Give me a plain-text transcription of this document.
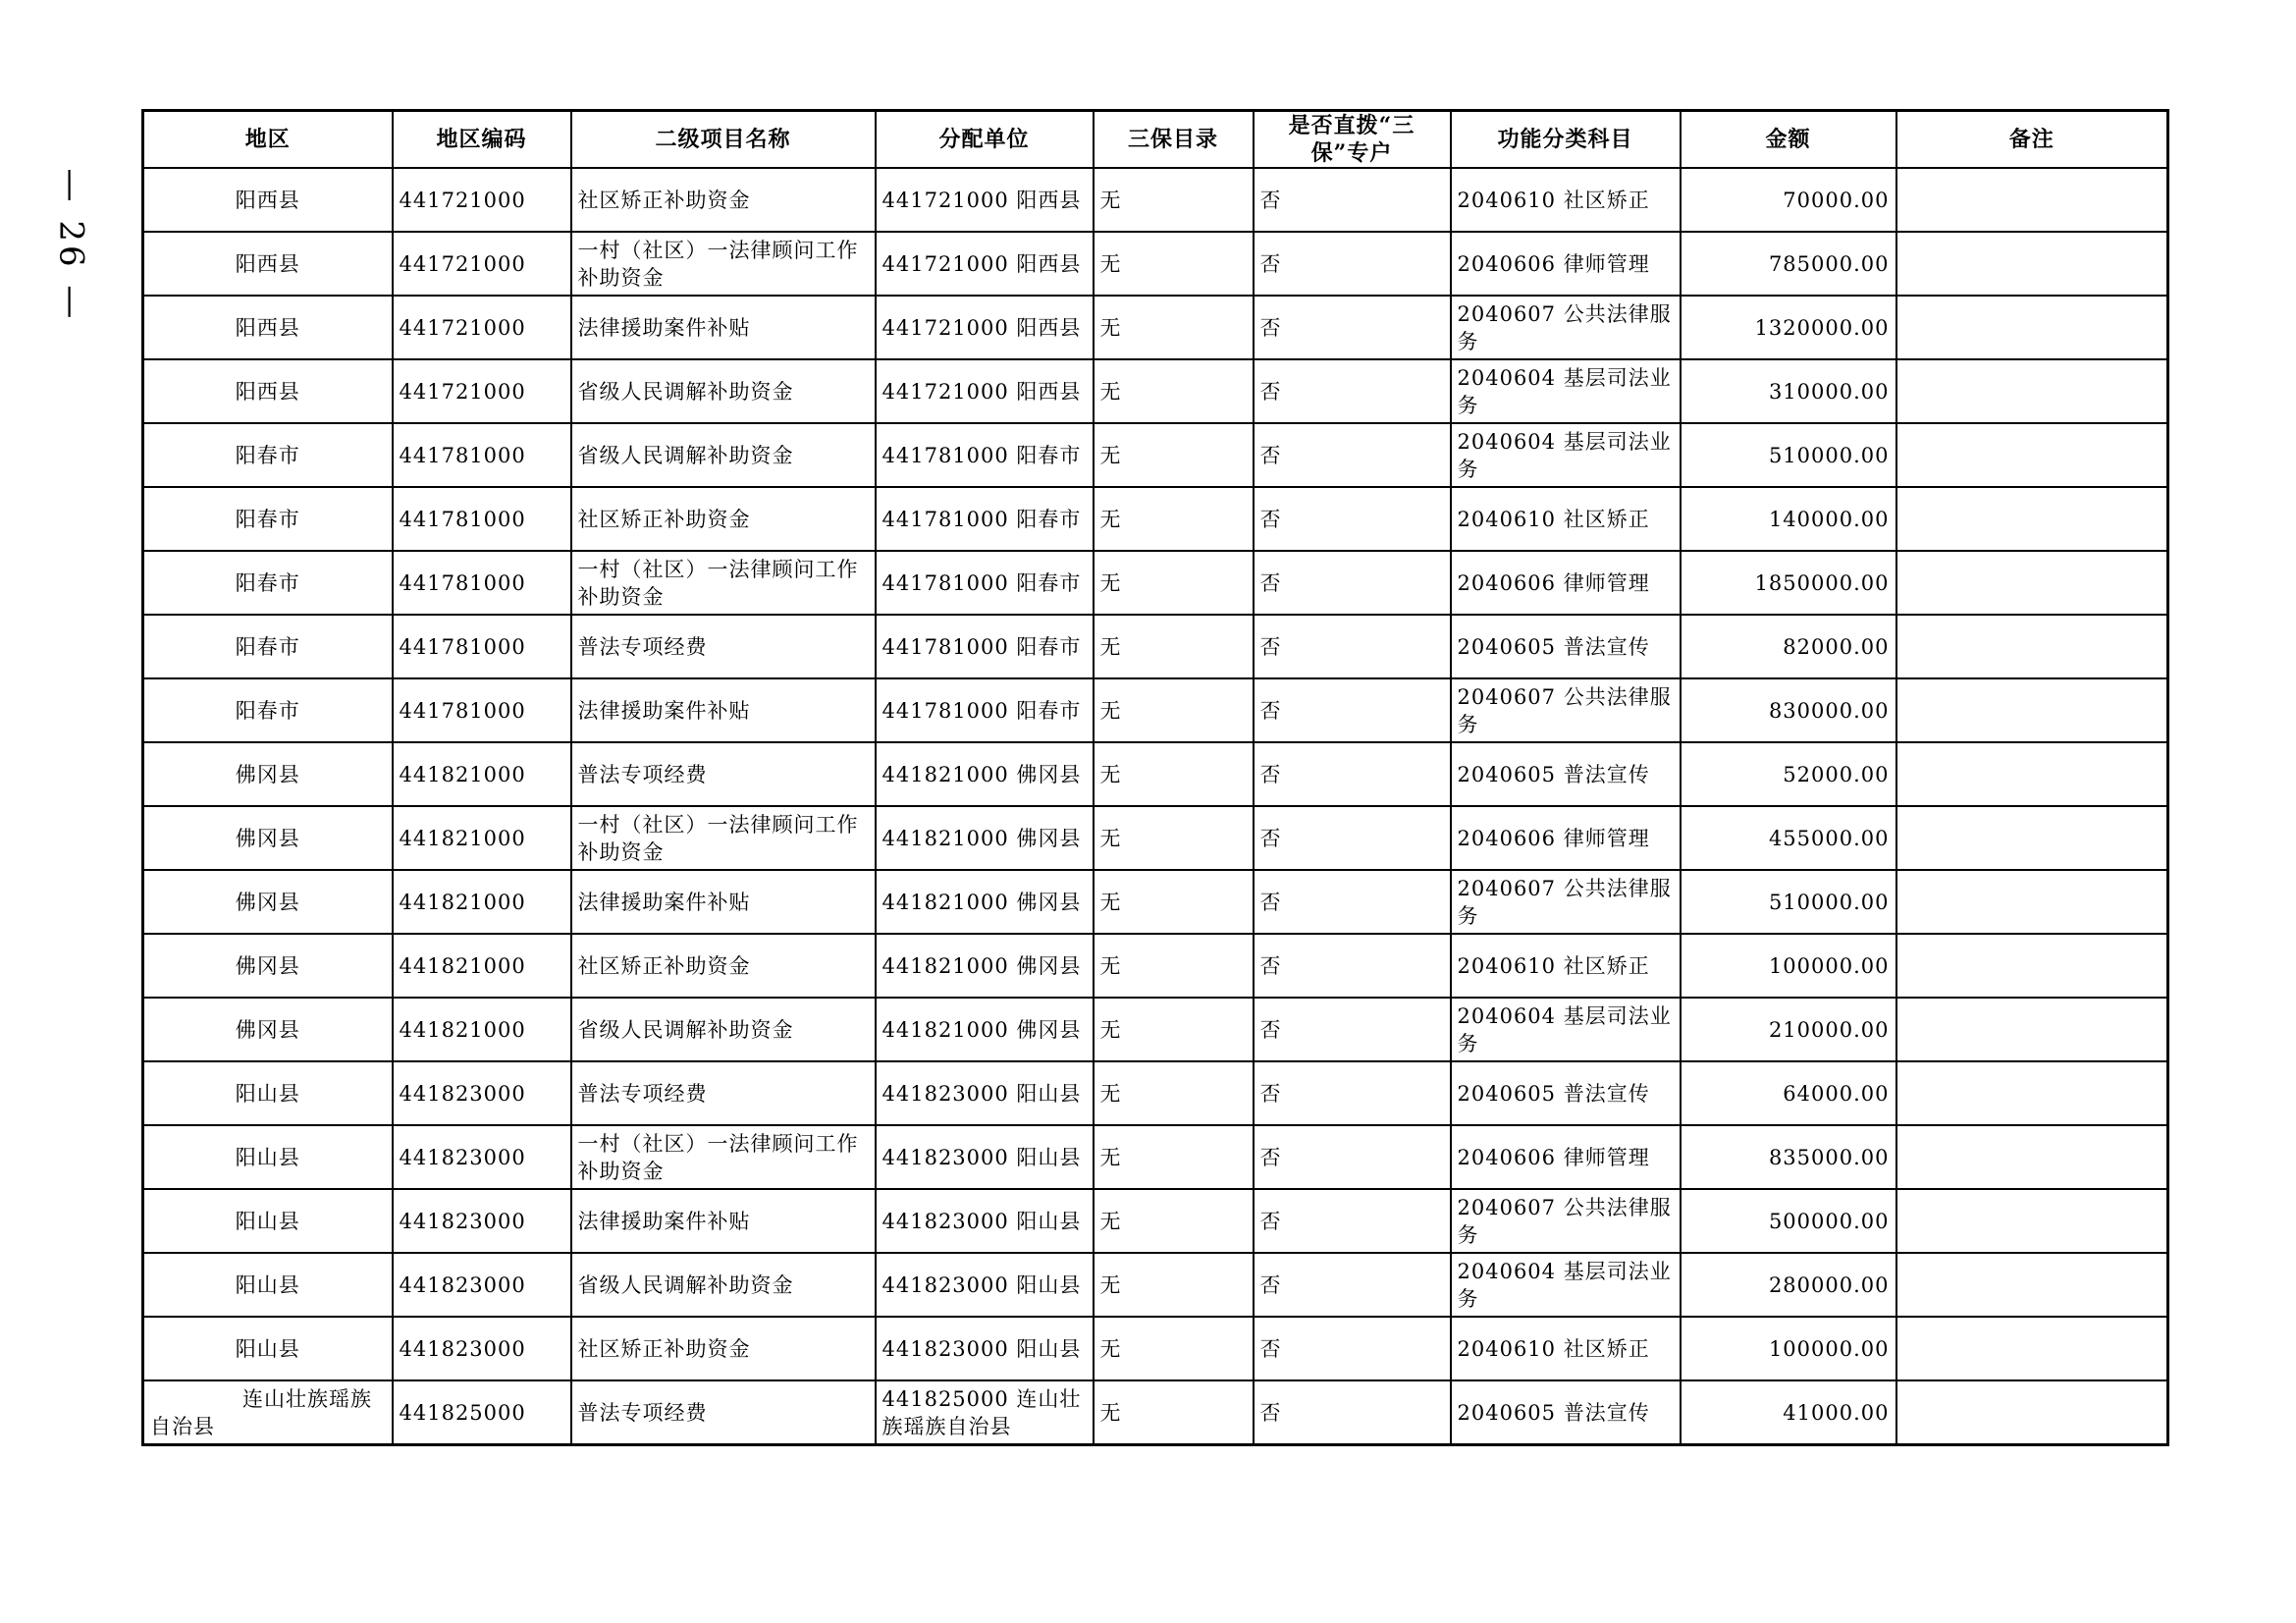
— 26 —
地区	地区编码	二级项目名称	分配单位	三保目录	是否直拨“三保”专户	功能分类科目	金额	备注
阳西县	441721000	社区矫正补助资金	441721000 阳西县	无	否	2040610 社区矫正	70000.00	
阳西县	441721000	一村（社区）一法律顾问工作补助资金	441721000 阳西县	无	否	2040606 律师管理	785000.00	
阳西县	441721000	法律援助案件补贴	441721000 阳西县	无	否	2040607 公共法律服务	1320000.00	
阳西县	441721000	省级人民调解补助资金	441721000 阳西县	无	否	2040604 基层司法业务	310000.00	
阳春市	441781000	省级人民调解补助资金	441781000 阳春市	无	否	2040604 基层司法业务	510000.00	
阳春市	441781000	社区矫正补助资金	441781000 阳春市	无	否	2040610 社区矫正	140000.00	
阳春市	441781000	一村（社区）一法律顾问工作补助资金	441781000 阳春市	无	否	2040606 律师管理	1850000.00	
阳春市	441781000	普法专项经费	441781000 阳春市	无	否	2040605 普法宣传	82000.00	
阳春市	441781000	法律援助案件补贴	441781000 阳春市	无	否	2040607 公共法律服务	830000.00	
佛冈县	441821000	普法专项经费	441821000 佛冈县	无	否	2040605 普法宣传	52000.00	
佛冈县	441821000	一村（社区）一法律顾问工作补助资金	441821000 佛冈县	无	否	2040606 律师管理	455000.00	
佛冈县	441821000	法律援助案件补贴	441821000 佛冈县	无	否	2040607 公共法律服务	510000.00	
佛冈县	441821000	社区矫正补助资金	441821000 佛冈县	无	否	2040610 社区矫正	100000.00	
佛冈县	441821000	省级人民调解补助资金	441821000 佛冈县	无	否	2040604 基层司法业务	210000.00	
阳山县	441823000	普法专项经费	441823000 阳山县	无	否	2040605 普法宣传	64000.00	
阳山县	441823000	一村（社区）一法律顾问工作补助资金	441823000 阳山县	无	否	2040606 律师管理	835000.00	
阳山县	441823000	法律援助案件补贴	441823000 阳山县	无	否	2040607 公共法律服务	500000.00	
阳山县	441823000	省级人民调解补助资金	441823000 阳山县	无	否	2040604 基层司法业务	280000.00	
阳山县	441823000	社区矫正补助资金	441823000 阳山县	无	否	2040610 社区矫正	100000.00	
连山壮族瑶族自治县	441825000	普法专项经费	441825000 连山壮族瑶族自治县	无	否	2040605 普法宣传	41000.00	
